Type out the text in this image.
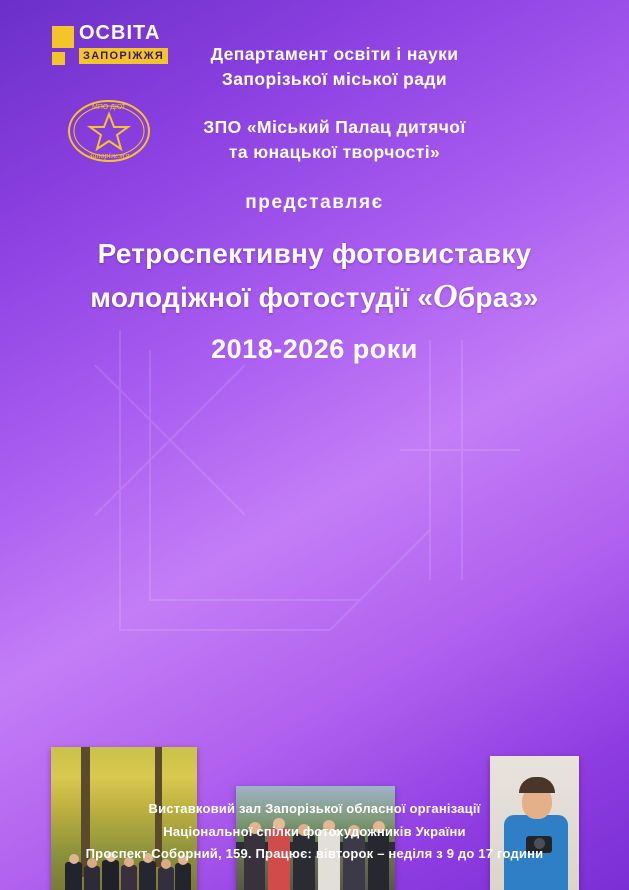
ОСВІТА
ЗАПОРІЖЖЯ
МПО ДЮТ
Запоріжжя
Департамент освіти і науки
Запорізької міської ради
ЗПО «Міський Палац дитячої
та юнацької творчості»
представляє
Ретроспективну фотовиставку
молодіжної фотостудії «Образ»
2018-2026 роки
Виставковий зал Запорізької обласної організації
Національної спілки фотохудожників України
Проспект Соборний, 159. Працює: вівторок – неділя з 9 до 17 години
